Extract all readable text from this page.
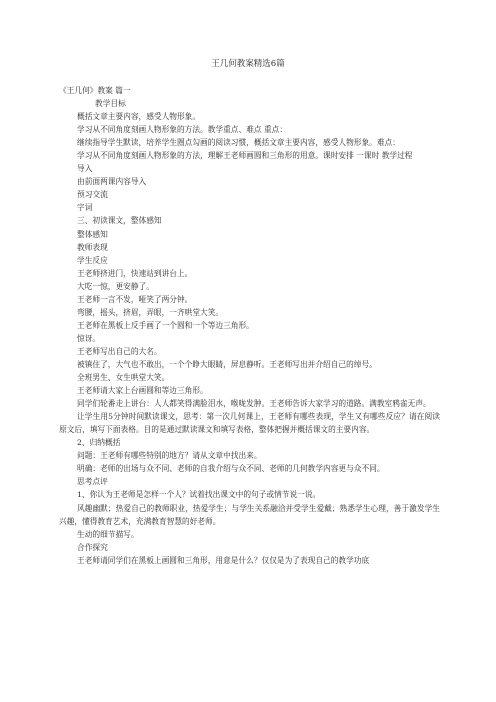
王几何教案精选6篇
《王几何》教案 篇一
教学目标
概括文章主要内容，感受人物形象。
学习从不同角度刻画人物形象的方法。教学重点、难点 重点：
继续指导学生默读，培养学生圈点勾画的阅读习惯，概括文章主要内容，感受人物形象。难点：
学习从不同角度刻画人物形象的方法，理解王老师画圆和三角形的用意。课时安排 一课时 教学过程
导入
由前面两课内容导入
预习交流
字词
三、初读课文，整体感知
整体感知
教师表现
学生反应
王老师挤进门，快速站到讲台上。
大吃一惊，更安静了。
王老师一言不发，哑笑了两分钟。
弯腰，摇头，挤眉，弄眼，一齐哄堂大笑。
王老师在黑板上反手画了一个圆和一个等边三角形。
惊讶。
王老师写出自己的大名。
被镇住了，大气也不敢出，一个个睁大眼睛，屏息静听。王老师写出并介绍自己的绰号。
全班男生、女生哄堂大笑。
王老师请大家上台画圆和等边三角形。
同学们轮番走上讲台：人人都笑得满脸泪水，喉咙发肿。王老师告诉大家学习的道路。满教室鸦雀无声。
让学生用5分钟时间默读课文，思考：第一次几何课上，王老师有哪些表现，学生又有哪些反应？请在阅读原文后，填写下面表格。目的是通过默读课文和填写表格，整体把握并概括课文的主要内容。
2、归纳概括
问题：王老师有哪些特别的地方？请从文章中找出来。
明确：老师的出场与众不同、老师的自我介绍与众不同、老师的几何教学内容更与众不同。
思考点评
1、你认为王老师是怎样一个人？试着找出课文中的句子或情节说一说。
风趣幽默；热爱自己的教师职业，热爱学生；与学生关系融洽并受学生爱戴；熟悉学生心理，善于激发学生兴趣，懂得教育艺术，充满教育智慧的好老师。
生动的细节描写。
合作探究
王老师请同学们在黑板上画圆和三角形，用意是什么？仅仅是为了表现自己的教学功底
